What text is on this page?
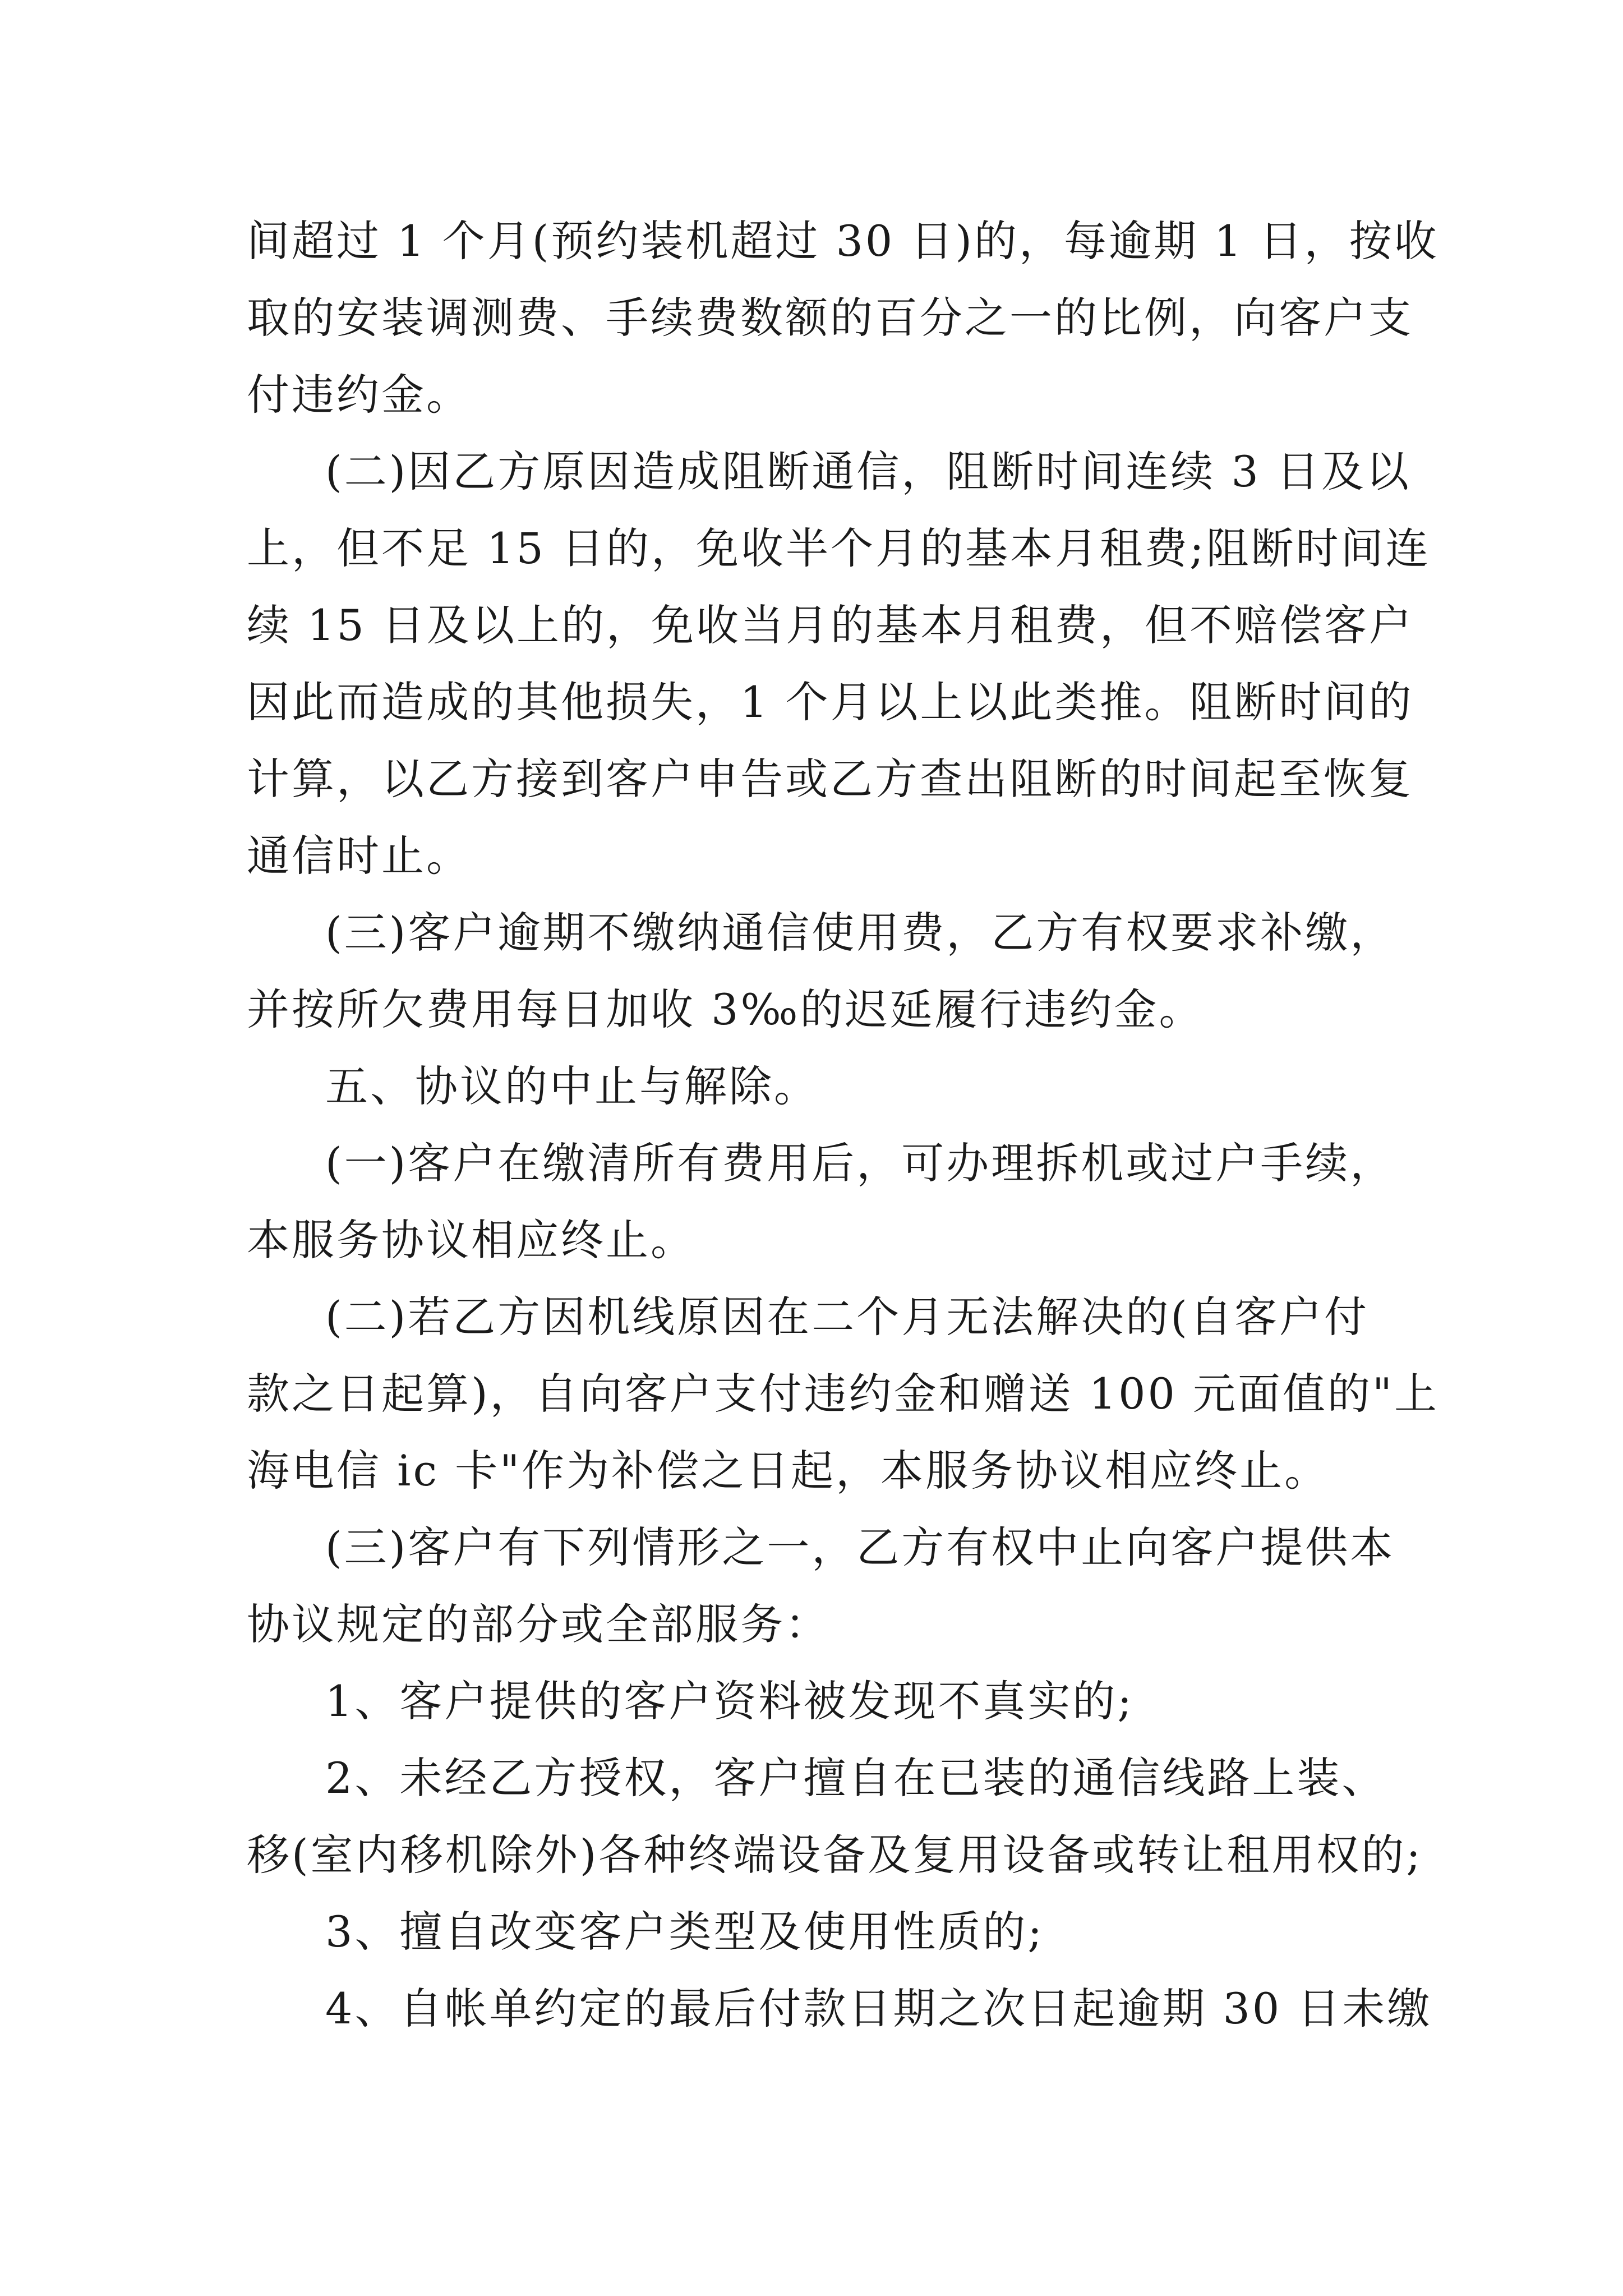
间超过 1 个月(预约装机超过 30 日)的，每逾期 1 日，按收
取的安装调测费、手续费数额的百分之一的比例，向客户支
付违约金。
(二)因乙方原因造成阻断通信，阻断时间连续 3 日及以
上，但不足 15 日的，免收半个月的基本月租费;阻断时间连
续 15 日及以上的，免收当月的基本月租费，但不赔偿客户
因此而造成的其他损失，1 个月以上以此类推。阻断时间的
计算，以乙方接到客户申告或乙方查出阻断的时间起至恢复
通信时止。
(三)客户逾期不缴纳通信使用费，乙方有权要求补缴，
并按所欠费用每日加收 3‰的迟延履行违约金。
五、协议的中止与解除。
(一)客户在缴清所有费用后，可办理拆机或过户手续，
本服务协议相应终止。
(二)若乙方因机线原因在二个月无法解决的(自客户付
款之日起算)，自向客户支付违约金和赠送 100 元面值的"上
海电信 ic 卡"作为补偿之日起，本服务协议相应终止。
(三)客户有下列情形之一，乙方有权中止向客户提供本
协议规定的部分或全部服务：
1、客户提供的客户资料被发现不真实的;
2、未经乙方授权，客户擅自在已装的通信线路上装、
移(室内移机除外)各种终端设备及复用设备或转让租用权的;
3、擅自改变客户类型及使用性质的;
4、自帐单约定的最后付款日期之次日起逾期 30 日未缴
